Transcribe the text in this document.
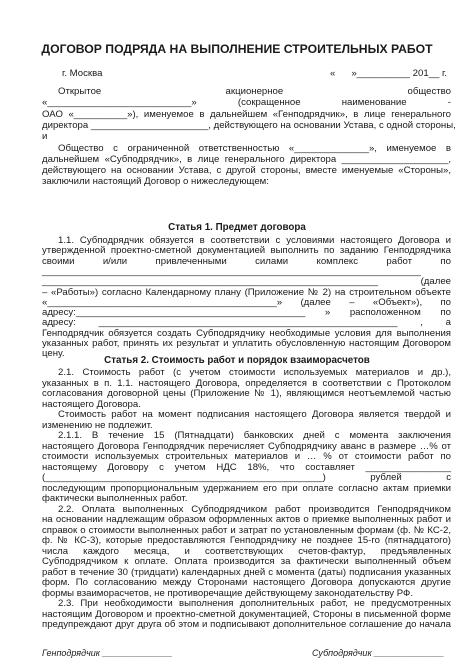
ДОГОВОР ПОДРЯДА НА ВЫПОЛНЕНИЕ СТРОИТЕЛЬНЫХ РАБОТ
г. Москва	«      »__________ 201__ г.
Открытое акционерное общество
«___________________________» (сокращенное наименование -
ОАО «__________»), именуемое в дальнейшем «Генподрядчик», в лице генерального
директора ______________________, действующего на основании Устава, с одной стороны,
и
Общество с ограниченной ответственностью «______________», именуемое в
дальнейшем «Субподрядчик», в лице генерального директора ____________________,
действующего на основании Устава, с другой стороны, вместе именуемые «Стороны»,
заключили настоящий Договор о нижеследующем:
Статья 1. Предмет договора
1.1. Субподрядчик обязуется в соответствии с условиями настоящего Договора и
утвержденной проектно-сметной документацией выполнить по заданию Генподрядчика
своими и/или привлеченными силами комплекс работ по
_______________________________________________________________________
_______________________________________________________________ (далее
– «Работы») согласно Календарному плану (Приложение № 2) на строительном объекте
«___________________________________________» (далее – «Объект»), по
адресу:___________________________________________ » расположенном по
адресу: ________________________________________________________ , а
Генподрядчик обязуется создать Субподрядчику необходимые условия для выполнения
указанных работ, принять их результат и уплатить обусловленную настоящим Договором
цену.
Статья 2. Стоимость работ и порядок взаиморасчетов
2.1. Стоимость работ (с учетом стоимости используемых материалов и др.),
указанных в п. 1.1. настоящего Договора, определяется в соответствии с Протоколом
согласования договорной цены (Приложение № 1), являющимся неотъемлемой частью
настоящего Договора.
Стоимость работ на момент подписания настоящего Договора является твердой и
изменению не подлежит.
2.1.1. В течение 15 (Пятнадцати) банковских дней с момента заключения
настоящего Договора Генподрядчик перечисляет Субподрядчику аванс в размере …% от
стоимости используемых строительных материалов и … % от стоимости работ по
настоящему Договору с учетом НДС 18%, что составляет ________________
(____________________________________________________) рублей с
последующим пропорциональным удержанием его при оплате согласно актам приемки
фактически выполненных работ.
2.2. Оплата выполненных Субподрядчиком работ производится Генподрядчиком
на основании надлежащим образом оформленных актов о приемке выполненных работ и
справок о стоимости выполненных работ и затрат по установленным формам (ф. № КС-2,
ф. № КС-3), которые предоставляются Генподрядчику не позднее 15-го (пятнадцатого)
числа каждого месяца, и соответствующих счетов-фактур, предъявленных
Субподрядчиком к оплате. Оплата производится за фактически выполненный объем
работ в течение 30 (тридцати) календарных дней с момента (даты) подписания указанных
форм. По согласованию между Сторонами настоящего Договора допускаются другие
формы взаиморасчетов, не противоречащие действующему законодательству РФ.
2.3. При необходимости выполнения дополнительных работ, не предусмотренных
настоящим Договором и проектно-сметной документацией, Стороны в письменной форме
предупреждают друг друга об этом и подписывают дополнительное соглашение до начала
Генподрядчик ______________	Субподрядчик ______________
